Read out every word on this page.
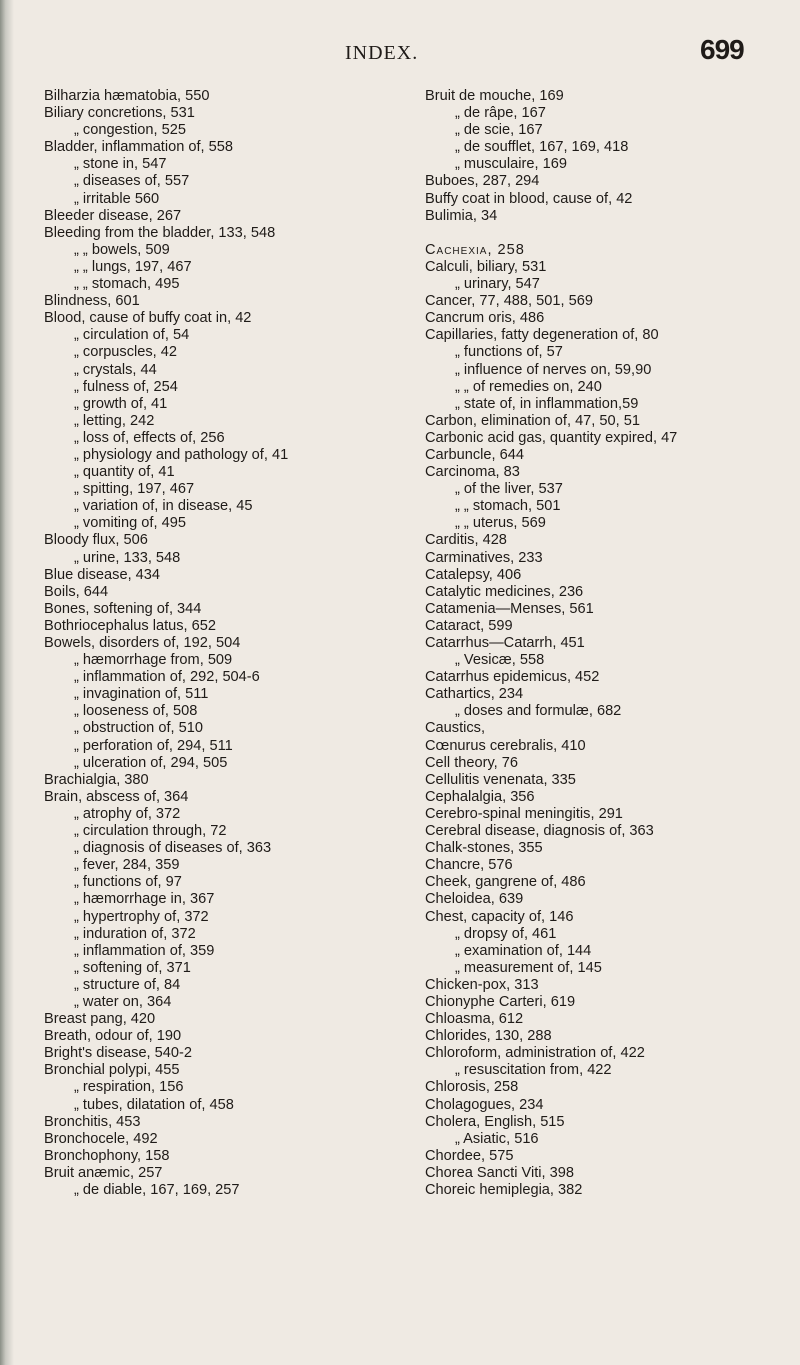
INDEX.	699
Bilharzia hæmatobia, 550
Biliary concretions, 531
„ congestion, 525
Bladder, inflammation of, 558
„ stone in, 547
„ diseases of, 557
„ irritable 560
Bleeder disease, 267
Bleeding from the bladder, 133, 548
„ „ bowels, 509
„ „ lungs, 197, 467
„ „ stomach, 495
Blindness, 601
Blood, cause of buffy coat in, 42
„ circulation of, 54
„ corpuscles, 42
„ crystals, 44
„ fulness of, 254
„ growth of, 41
„ letting, 242
„ loss of, effects of, 256
„ physiology and pathology of, 41
„ quantity of, 41
„ spitting, 197, 467
„ variation of, in disease, 45
„ vomiting of, 495
Bloody flux, 506
„ urine, 133, 548
Blue disease, 434
Boils, 644
Bones, softening of, 344
Bothriocephalus latus, 652
Bowels, disorders of, 192, 504
„ hæmorrhage from, 509
„ inflammation of, 292, 504-6
„ invagination of, 511
„ looseness of, 508
„ obstruction of, 510
„ perforation of, 294, 511
„ ulceration of, 294, 505
Brachialgia, 380
Brain, abscess of, 364
„ atrophy of, 372
„ circulation through, 72
„ diagnosis of diseases of, 363
„ fever, 284, 359
„ functions of, 97
„ hæmorrhage in, 367
„ hypertrophy of, 372
„ induration of, 372
„ inflammation of, 359
„ softening of, 371
„ structure of, 84
„ water on, 364
Breast pang, 420
Breath, odour of, 190
Bright's disease, 540-2
Bronchial polypi, 455
„ respiration, 156
„ tubes, dilatation of, 458
Bronchitis, 453
Bronchocele, 492
Bronchophony, 158
Bruit anæmic, 257
„ de diable, 167, 169, 257
Bruit de mouche, 169
„ de râpe, 167
„ de scie, 167
„ de soufflet, 167, 169, 418
„ musculaire, 169
Buboes, 287, 294
Buffy coat in blood, cause of, 42
Bulimia, 34
Cachexia, 258
Calculi, biliary, 531
„ urinary, 547
Cancer, 77, 488, 501, 569
Cancrum oris, 486
Capillaries, fatty degeneration of, 80
„ functions of, 57
„ influence of nerves on, 59,90
„ „ of remedies on, 240
„ state of, in inflammation,59
Carbon, elimination of, 47, 50, 51
Carbonic acid gas, quantity expired, 47
Carbuncle, 644
Carcinoma, 83
„ of the liver, 537
„ „ stomach, 501
„ „ uterus, 569
Carditis, 428
Carminatives, 233
Catalepsy, 406
Catalytic medicines, 236
Catamenia—Menses, 561
Cataract, 599
Catarrhus—Catarrh, 451
„ Vesicæ, 558
Catarrhus epidemicus, 452
Cathartics, 234
„ doses and formulæ, 682
Caustics,
Cœnurus cerebralis, 410
Cell theory, 76
Cellulitis venenata, 335
Cephalalgia, 356
Cerebro-spinal meningitis, 291
Cerebral disease, diagnosis of, 363
Chalk-stones, 355
Chancre, 576
Cheek, gangrene of, 486
Cheloidea, 639
Chest, capacity of, 146
„ dropsy of, 461
„ examination of, 144
„ measurement of, 145
Chicken-pox, 313
Chionyphe Carteri, 619
Chloasma, 612
Chlorides, 130, 288
Chloroform, administration of, 422
„ resuscitation from, 422
Chlorosis, 258
Cholagogues, 234
Cholera, English, 515
„ Asiatic, 516
Chordee, 575
Chorea Sancti Viti, 398
Choreic hemiplegia, 382
